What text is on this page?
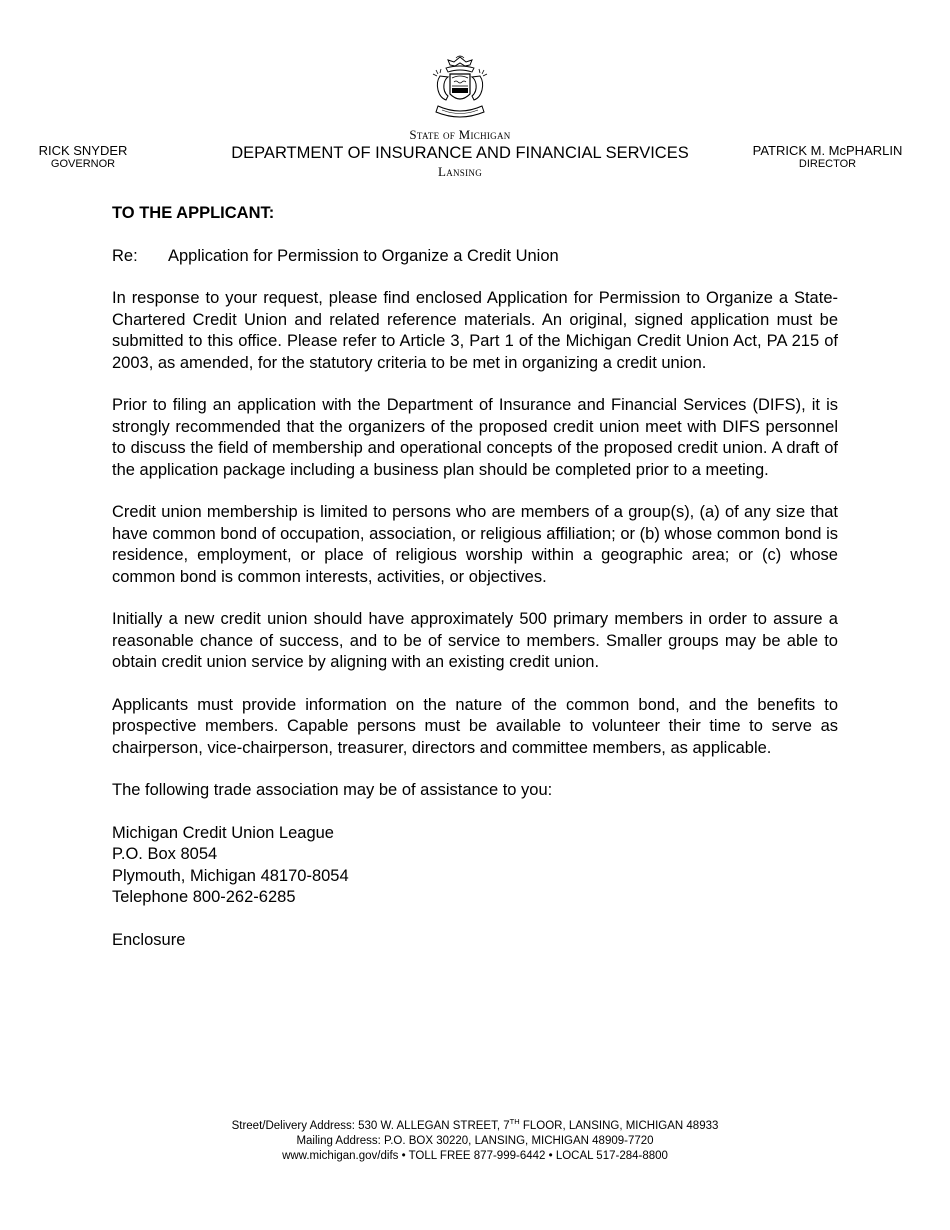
State of Michigan
DEPARTMENT OF INSURANCE AND FINANCIAL SERVICES
Lansing
RICK SNYDER
GOVERNOR
PATRICK M. McPHARLIN
DIRECTOR
TO THE APPLICANT:
Re: Application for Permission to Organize a Credit Union

In response to your request, please find enclosed Application for Permission to Organize a State-Chartered Credit Union and related reference materials. An original, signed application must be submitted to this office. Please refer to Article 3, Part 1 of the Michigan Credit Union Act, PA 215 of 2003, as amended, for the statutory criteria to be met in organizing a credit union.

Prior to filing an application with the Department of Insurance and Financial Services (DIFS), it is strongly recommended that the organizers of the proposed credit union meet with DIFS personnel to discuss the field of membership and operational concepts of the proposed credit union. A draft of the application package including a business plan should be completed prior to a meeting.

Credit union membership is limited to persons who are members of a group(s), (a) of any size that have common bond of occupation, association, or religious affiliation; or (b) whose common bond is residence, employment, or place of religious worship within a geographic area; or (c) whose common bond is common interests, activities, or objectives.

Initially a new credit union should have approximately 500 primary members in order to assure a reasonable chance of success, and to be of service to members. Smaller groups may be able to obtain credit union service by aligning with an existing credit union.

Applicants must provide information on the nature of the common bond, and the benefits to prospective members. Capable persons must be available to volunteer their time to serve as chairperson, vice-chairperson, treasurer, directors and committee members, as applicable.

The following trade association may be of assistance to you:

Michigan Credit Union League
P.O. Box 8054
Plymouth, Michigan 48170-8054
Telephone 800-262-6285
Enclosure
Street/Delivery Address: 530 W. ALLEGAN STREET, 7TH FLOOR, LANSING, MICHIGAN 48933
Mailing Address: P.O. BOX 30220, LANSING, MICHIGAN 48909-7720
www.michigan.gov/difs • TOLL FREE 877-999-6442 • LOCAL 517-284-8800
